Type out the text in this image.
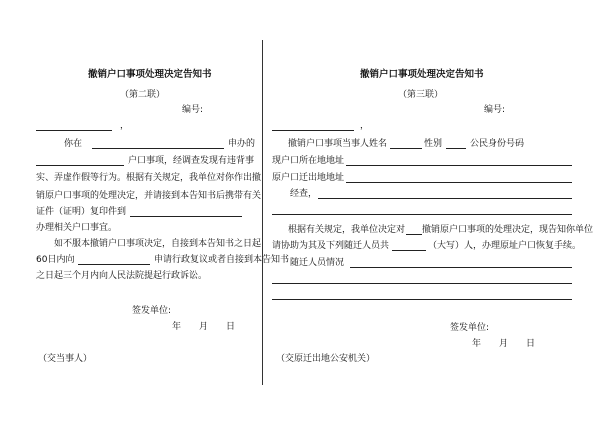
撤销户口事项处理决定告知书
（第二联）
编号:
，
你在	申办的
户口事项，经调查发现有违背事
实、弄虚作假等行为。根据有关规定，我单位对你作出撤
销原户口事项的处理决定，并请接到本告知书后携带有关
证件（证明）复印件到
办理相关户口事宜。
如不服本撤销户口事项决定，自接到本告知书之日起
60日内向	申请行政复议或者自接到本告知书
之日起三个月内向人民法院提起行政诉讼。
签发单位:
年　　月　　日
（交当事人）
撤销户口事项处理决定告知书
（第三联）
编号:
，
撤销户口事项当事人姓名	性别	公民身份号码
现户口所在地地址
原户口迁出地地址
经查，
根据有关规定，我单位决定对 撤销原户口事项的处理决定，现告知你单位
请协助为其及下列随迁人员共	（大写）人，办理原址户口恢复手续。
随迁人员情况
签发单位:
年　　月　　日
（交原迁出地公安机关）
